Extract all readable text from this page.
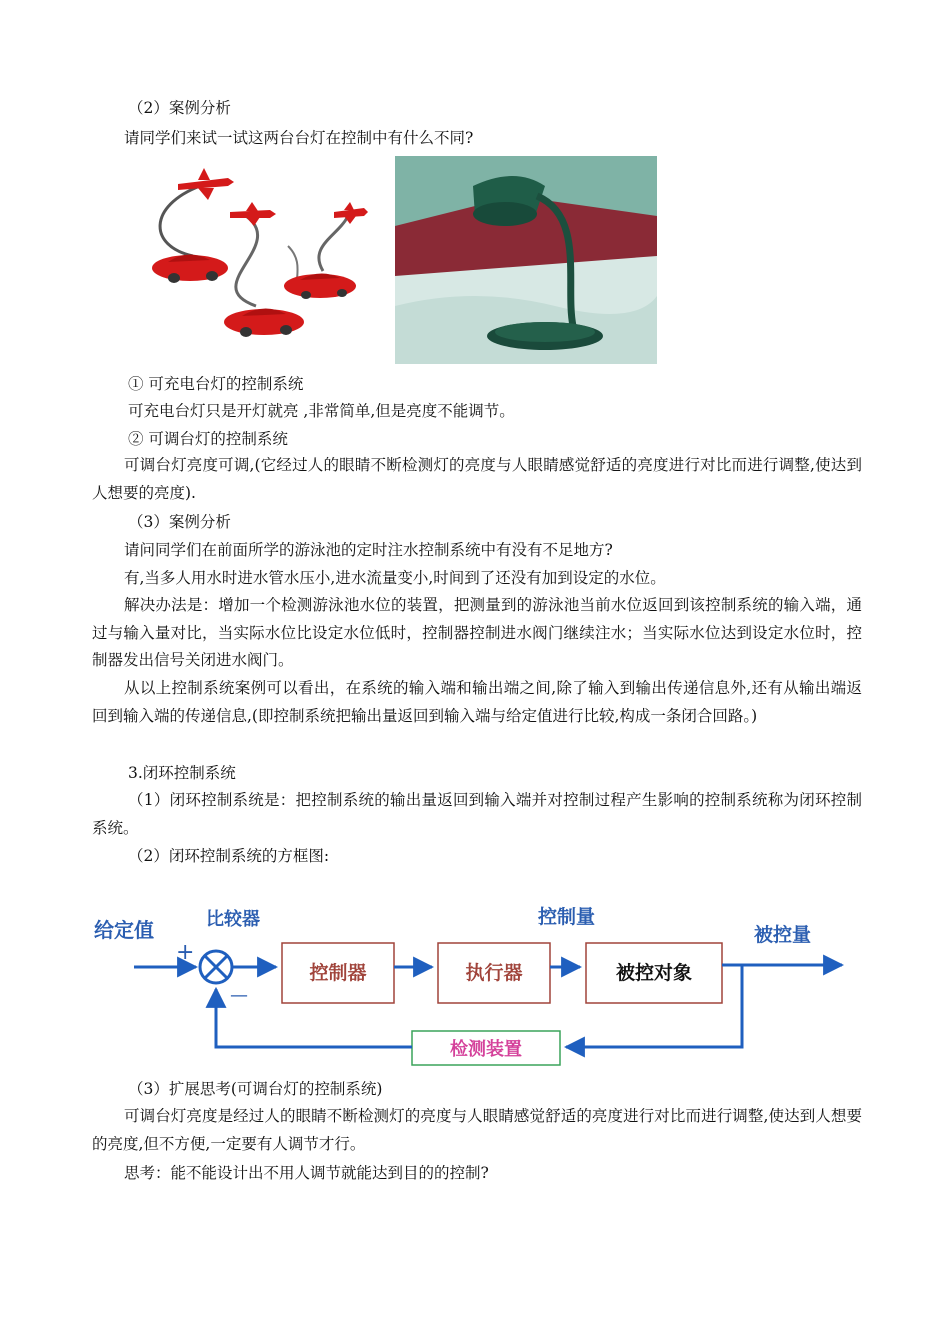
（2）案例分析
请同学们来试一试这两台台灯在控制中有什么不同?
① 可充电台灯的控制系统
可充电台灯只是开灯就亮 ,非常简单,但是亮度不能调节。
② 可调台灯的控制系统
可调台灯亮度可调,(它经过人的眼睛不断检测灯的亮度与人眼睛感觉舒适的亮度进行对比而进行调整,使达到人想要的亮度).
（3）案例分析
请问同学们在前面所学的游泳池的定时注水控制系统中有没有不足地方?
有,当多人用水时进水管水压小,进水流量变小,时间到了还没有加到设定的水位。
解决办法是：增加一个检测游泳池水位的装置，把测量到的游泳池当前水位返回到该控制系统的输入端，通过与输入量对比，当实际水位比设定水位低时，控制器控制进水阀门继续注水；当实际水位达到设定水位时，控制器发出信号关闭进水阀门。
从以上控制系统案例可以看出，在系统的输入端和输出端之间,除了输入到输出传递信息外,还有从输出端返回到输入端的传递信息,(即控制系统把输出量返回到输入端与给定值进行比较,构成一条闭合回路。)
3.闭环控制系统
（1）闭环控制系统是：把控制系统的输出量返回到输入端并对控制过程产生影响的控制系统称为闭环控制系统。
（2）闭环控制系统的方框图:
给定值	比较器	控制量
被控量
+
—
控制器	执行器	被控对象
检测装置
（3）扩展思考(可调台灯的控制系统)
可调台灯亮度是经过人的眼睛不断检测灯的亮度与人眼睛感觉舒适的亮度进行对比而进行调整,使达到人想要的亮度,但不方便,一定要有人调节才行。
思考：能不能设计出不用人调节就能达到目的的控制?
